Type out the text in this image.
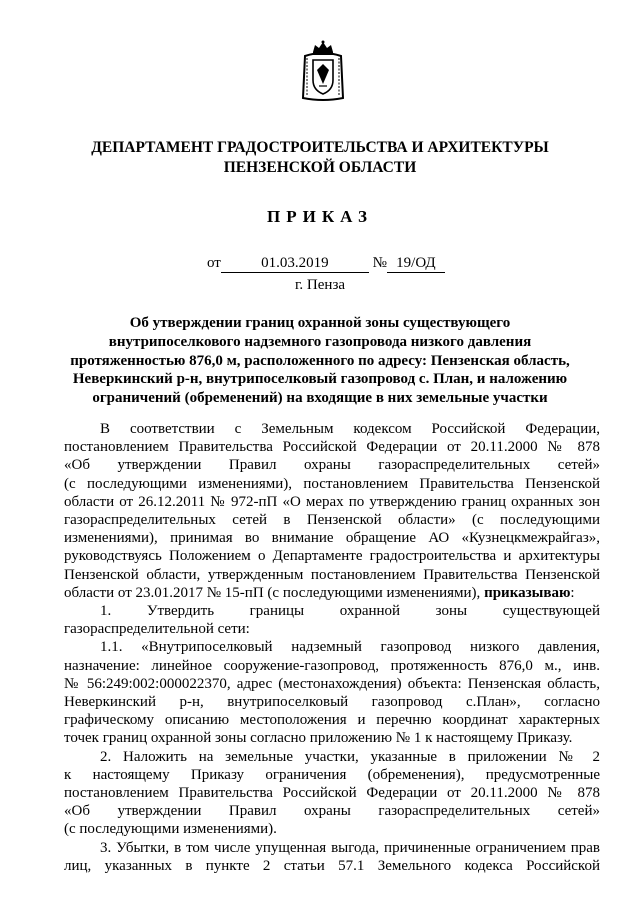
ДЕПАРТАМЕНТ ГРАДОСТРОИТЕЛЬСТВА И АРХИТЕКТУРЫ
ПЕНЗЕНСКОЙ ОБЛАСТИ
ПРИКАЗ
от	01.03.2019	№ 19/ОД
г. Пенза
Об утверждении границ охранной зоны существующего
внутрипоселкового надземного газопровода низкого давления
протяженностью 876,0 м, расположенного по адресу: Пензенская область,
Неверкинский р-н, внутрипоселковый газопровод с. План, и наложению
ограничений (обременений) на входящие в них земельные участки
В соответствии с Земельным кодексом Российской Федерации,
постановлением Правительства Российской Федерации от 20.11.2000 № 878
«Об утверждении Правил охраны газораспределительных сетей»
(с последующими изменениями), постановлением Правительства Пензенской
области от 26.12.2011 № 972-пП «О мерах по утверждению границ охранных зон
газораспределительных сетей в Пензенской области» (с последующими
изменениями), принимая во внимание обращение АО «Кузнецкмежрайгаз»,
руководствуясь Положением о Департаменте градостроительства и архитектуры
Пензенской области, утвержденным постановлением Правительства Пензенской
области от 23.01.2017 № 15-пП (с последующими изменениями), приказываю:
1. Утвердить границы охранной зоны существующей
газораспределительной сети:
1.1. «Внутрипоселковый надземный газопровод низкого давления,
назначение: линейное сооружение-газопровод, протяженность 876,0 м., инв.
№ 56:249:002:000022370, адрес (местонахождения) объекта: Пензенская область,
Неверкинский р-н, внутрипоселковый газопровод с.План», согласно
графическому описанию местоположения и перечню координат характерных
точек границ охранной зоны согласно приложению № 1 к настоящему Приказу.
2. Наложить на земельные участки, указанные в приложении № 2
к настоящему Приказу ограничения (обременения), предусмотренные
постановлением Правительства Российской Федерации от 20.11.2000 № 878
«Об утверждении Правил охраны газораспределительных сетей»
(с последующими изменениями).
3. Убытки, в том числе упущенная выгода, причиненные ограничением прав
лиц, указанных в пункте 2 статьи 57.1 Земельного кодекса Российской
